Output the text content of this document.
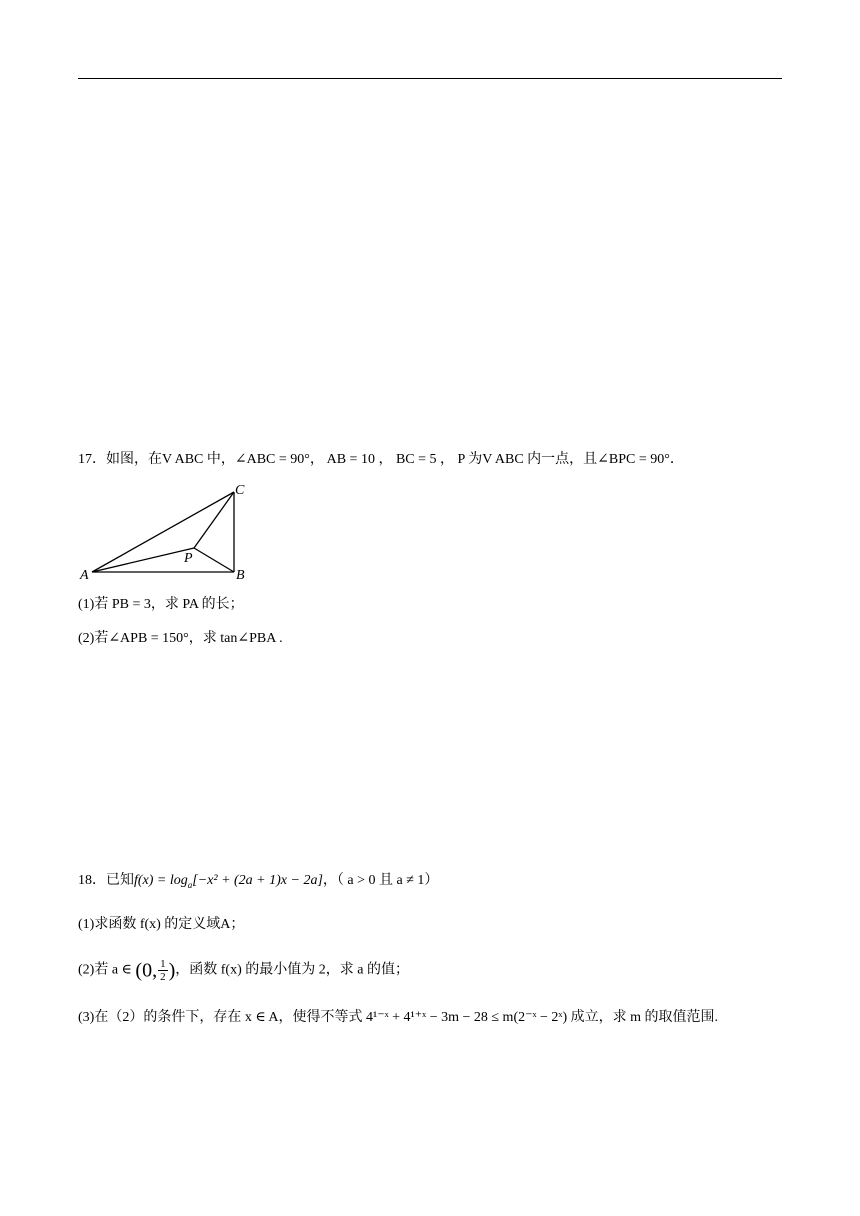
17．如图，在V ABC 中，∠ABC = 90°， AB = 10 ， BC = 5 ， P 为V ABC 内一点，且∠BPC = 90°．
A	B
C
P
(1)若 PB = 3，求 PA 的长；
(2)若∠APB = 150°，求 tan∠PBA .
18．已知$f(x) = \log_a[-x^2 + (2a + 1)x - 2a]$，（ a > 0 且 a ≠ 1）
(1)求函数 f(x) 的定义域A；
(2)若 a ∈ (0, $\frac{1}{2}$ )，函数 f(x) 的最小值为 2，求 a 的值；
(3)在（2）的条件下，存在 x ∈ A，使得不等式 4¹⁻ˣ + 4¹⁺ˣ − 3m − 28 ≤ m(2⁻ˣ − 2ˣ) 成立，求 m 的取值范围.
